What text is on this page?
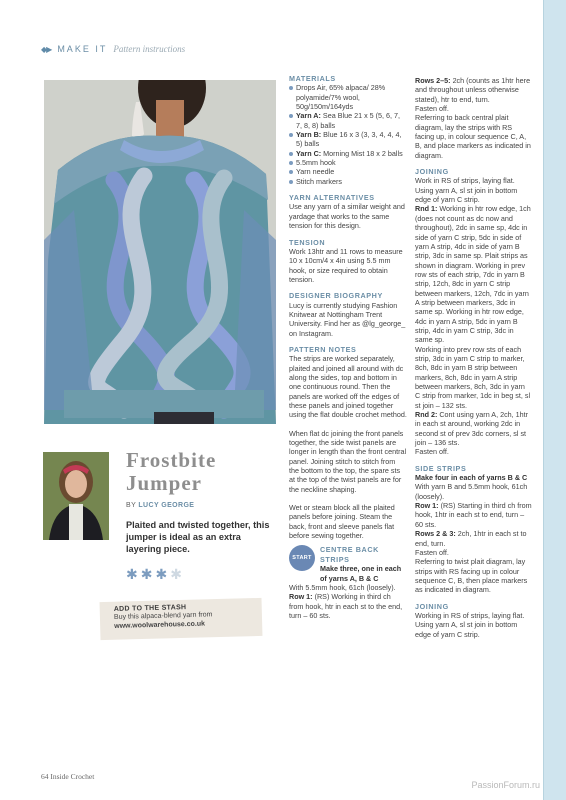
◆▶ MAKE IT Pattern instructions
Frostbite
Jumper
BY LUCY GEORGE

Plaited and twisted together, this jumper is ideal as an extra layering piece.

✱ ✱ ✱ ✱
ADD TO THE STASH
Buy this alpaca-blend yarn from
www.woolwarehouse.co.uk
MATERIALS
Drops Air, 65% alpaca/ 28% polyamide/7% wool, 50g/150m/164yds
Yarn A: Sea Blue 21 x 5 (5, 6, 7, 7, 8, 8) balls
Yarn B: Blue 16 x 3 (3, 3, 4, 4, 4, 5) balls
Yarn C: Morning Mist 18 x 2 balls
5.5mm hook
Yarn needle
Stitch markers
YARN ALTERNATIVES

Use any yarn of a similar weight and yardage that works to the same tension for this design.

TENSION

Work 13htr and 11 rows to measure 10 x 10cm/4 x 4in using 5.5 mm hook, or size required to obtain tension.

DESIGNER BIOGRAPHY

Lucy is currently studying Fashion Knitwear at Nottingham Trent University. Find her as @lg_george_ on Instagram.

PATTERN NOTES

The strips are worked separately, plaited and joined all around with dc along the sides, top and bottom in one continuous round. Then the panels are worked off the edges of these panels and joined together using the flat double crochet method.

When flat dc joining the front panels together, the side twist panels are longer in length than the front central panel. Joining stitch to stitch from the bottom to the top, the spare sts at the top of the twist panels are for the neckline shaping.

Wet or steam block all the plaited panels before joining. Steam the back, front and sleeve panels flat before sewing together.

START
CENTRE BACK STRIPS
Make three, one in each of yarns A, B & C

With 5.5mm hook, 61ch (loosely).

Row 1: (RS) Working in third ch from hook, htr in each st to the end, turn – 60 sts.

Rows 2–5: 2ch (counts as 1htr here and throughout unless otherwise stated), htr to end, turn.

Fasten off.

Referring to back central plait diagram, lay the strips with RS facing up, in colour sequence C, A, B, and place markers as indicated in diagram.

JOINING

Work in RS of strips, laying flat. Using yarn A, sl st join in bottom edge of yarn C strip.

Rnd 1: Working in htr row edge, 1ch (does not count as dc now and throughout), 2dc in same sp, 4dc in side of yarn C strip, 5dc in side of yarn A strip, 4dc in side of yarn B strip, 3dc in same sp. Plait strips as shown in diagram. Working in prev row sts of each strip, 7dc in yarn B strip, 12ch, 8dc in yarn C strip between markers, 12ch, 7dc in yarn A strip between markers, 3dc in same sp. Working in htr row edge, 4dc in yarn A strip, 5dc in yarn B strip, 4dc in yarn C strip, 3dc in same sp.

Working into prev row sts of each strip, 3dc in yarn C strip to marker, 8ch, 8dc in yarn B strip between markers, 8ch, 8dc in yarn A strip between markers, 8ch, 3dc in yarn C strip from marker, 1dc in beg st, sl st join – 132 sts.

Rnd 2: Cont using yarn A, 2ch, 1htr in each st around, working 2dc in second st of prev 3dc corners, sl st join – 136 sts.

Fasten off.

SIDE STRIPS
Make four in each of yarns B & C

With yarn B and 5.5mm hook, 61ch (loosely).

Row 1: (RS) Starting in third ch from hook, 1htr in each st to end, turn – 60 sts.

Rows 2 & 3: 2ch, 1htr in each st to end, turn.

Fasten off.

Referring to twist plait diagram, lay strips with RS facing up in colour sequence C, B, then place markers as indicated in diagram.

JOINING

Working in RS of strips, laying flat. Using yarn A, sl st join in bottom edge of yarn C strip.

64 Inside Crochet
PassionForum.ru
